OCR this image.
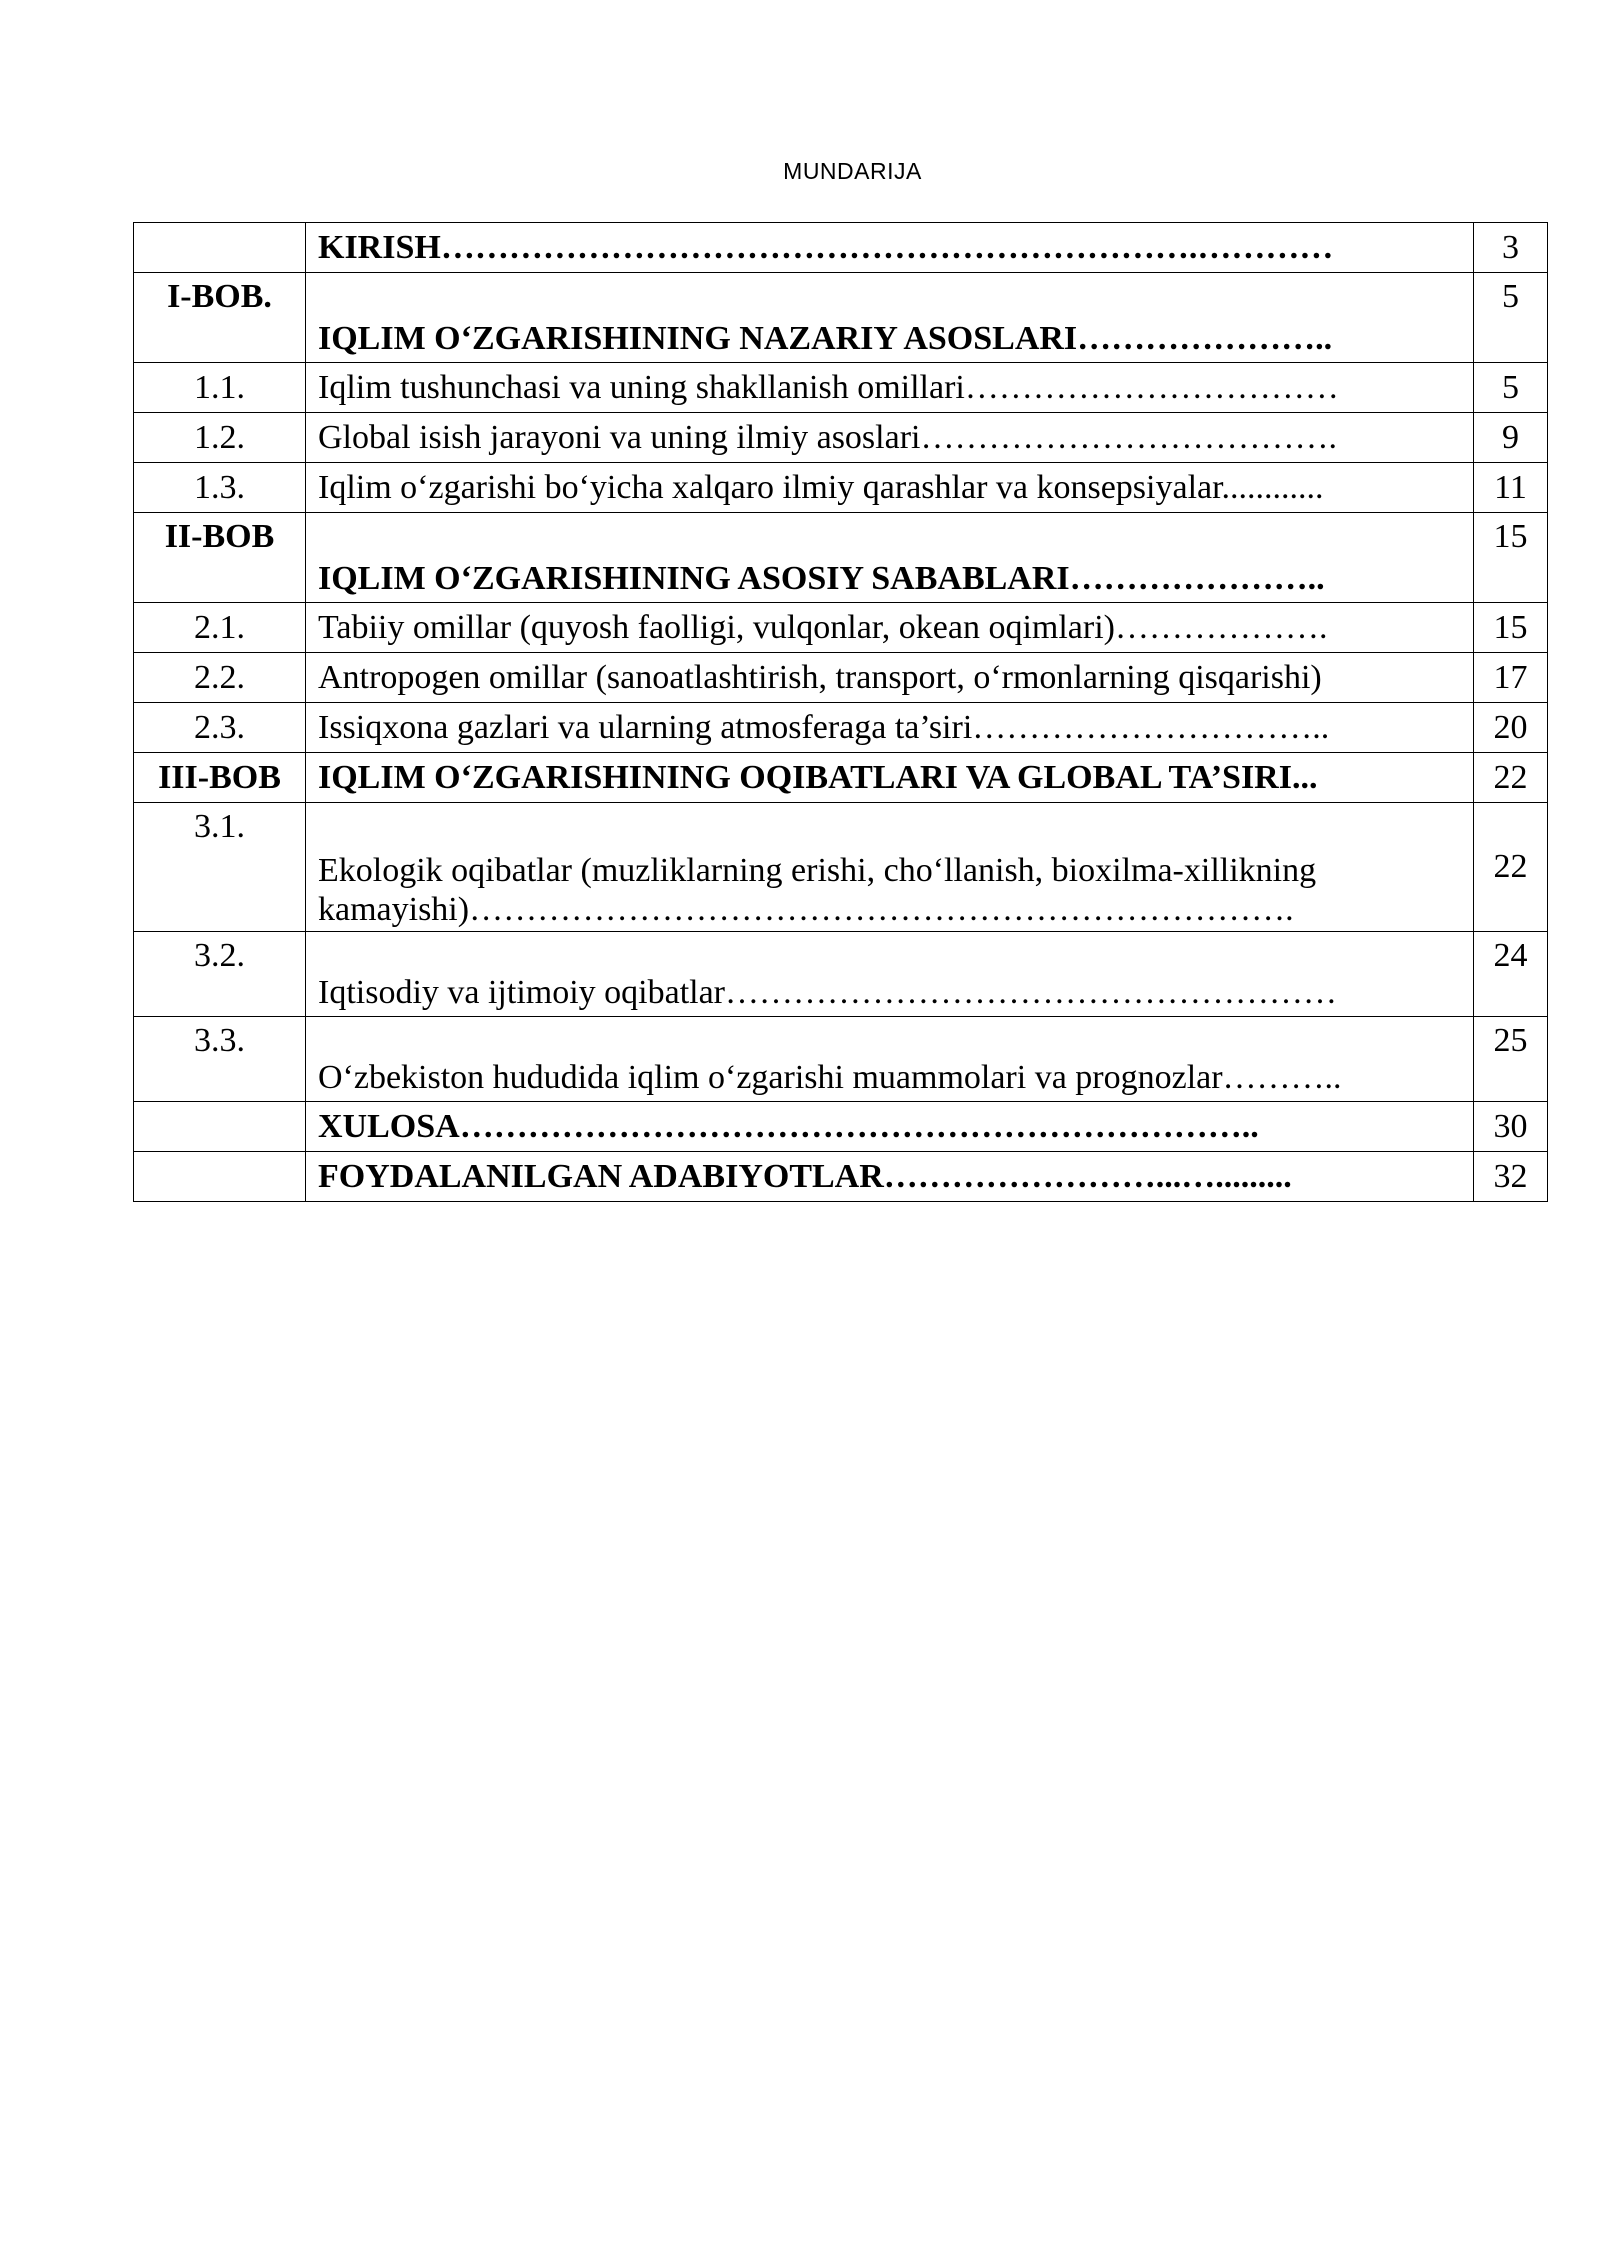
MUNDARIJA
	KIRISH………………………………………………………….…………	3
I-BOB.	IQLIM O‘ZGARISHINING NAZARIY ASOSLARI…………………..	5
1.1.	Iqlim tushunchasi va uning shakllanish omillari……………………………	5
1.2.	Global isish jarayoni va uning ilmiy asoslari……………………………….	9
1.3.	Iqlim o‘zgarishi bo‘yicha xalqaro ilmiy qarashlar va konsepsiyalar............	11
II-BOB	IQLIM O‘ZGARISHINING ASOSIY SABABLARI…………………..	15
2.1.	Tabiiy omillar (quyosh faolligi, vulqonlar, okean oqimlari)……………….	15
2.2.	Antropogen omillar (sanoatlashtirish, transport, o‘rmonlarning qisqarishi)	17
2.3.	Issiqxona gazlari va ularning atmosferaga ta’siri…………………………..	20
III-BOB	IQLIM O‘ZGARISHINING OQIBATLARI VA GLOBAL TA’SIRI...	22
3.1.	Ekologik oqibatlar (muzliklarning erishi, cho‘llanish, bioxilma-xillikning kamayishi)……………………………………………………………….	22
3.2.	Iqtisodiy va ijtimoiy oqibatlar………………………………………………	24
3.3.	O‘zbekiston hududida iqlim o‘zgarishi muammolari va prognozlar………..	25
	XULOSA……………………………………………………………..	30
	FOYDALANILGAN ADABIYOTLAR……………………...….........	32
